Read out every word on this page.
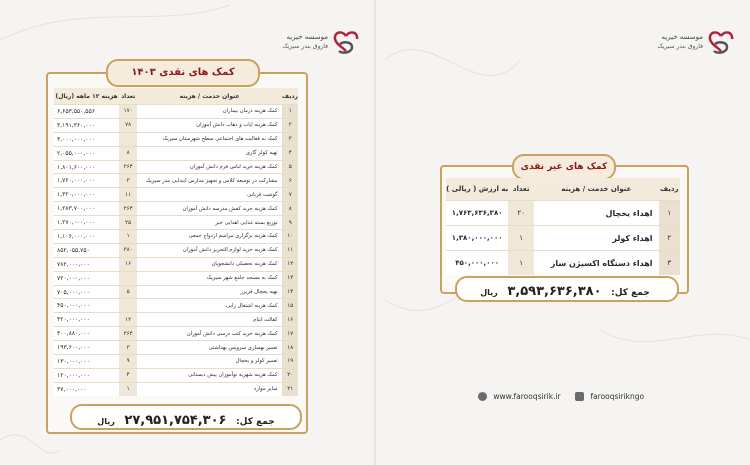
موسسه خیریه
فاروق بندر سیریک
موسسه خیریه
فاروق بندر سیریک
کمک های نقدی ۱۴۰۳
ردیف	عنوان خدمت / هزینه	تعداد	هزینه ۱۲ ماهه (ریال)
۱	کمک هزینه درمان بیماران	۱۷۰	۶,۶۵۳,۵۵۰,۵۵۶
۲	کمک هزینه ایاب و ذهاب دانش آموزان	۷۸	۳,۱۹۱,۳۶۰,۰۰۰
۳	کمک به فعالیت های اجتماعی سطح شهرستان سیریک		۳,۰۰۰,۰۰۰,۰۰۰
۴	تهیه کولر گازی	۸	۲,۰۵۵,۰۰۰,۰۰۰
۵	کمک هزینه خرید لباس فرم دانش آموزان	۲۶۴	۱,۸۰۱,۶۰۰,۰۰۰
۶	مشارکت در توسعه کلاس و تجهیز مدارس ابتدایی بندر سیریک	۳	۱,۷۶۰,۰۰۰,۰۰۰
۷	گوشت قربانی	۱۱	۱,۳۲۰,۰۰۰,۰۰۰
۸	کمک هزینه خرید کفش مدرسه دانش آموزان	۲۶۴	۱,۲۸۳,۷۰۰,۰۰۰
۹	توزیع بسته غذایی اهدایی خیر	۲۵	۱,۲۷۰,۰۰۰,۰۰۰
۱۰	کمک هزینه برگزاری مراسم ازدواج جمعی	۱	۱,۱۰۶,۰۰۰,۰۰۰
۱۱	کمک هزینه خرید لوازم التحریر دانش آموزان	۳۸۰	۸۵۲,۰۵۵,۷۵۰
۱۲	کمک هزینه تحصیلی دانشجویان	۱۶	۷۸۲,۰۰۰,۰۰۰
۱۳	کمک به مسجد جامع شهر سیریک		۷۲۰,۰۰۰,۰۰۰
۱۴	تهیه یخچال فریزر	۵	۷۰۵,۰۰۰,۰۰۰
۱۵	کمک هزینه اشتغال زایی		۴۵۰,۰۰۰,۰۰۰
۱۶	کفالت ایتام	۱۲	۴۲۰,۰۰۰,۰۰۰
۱۷	کمک هزینه خرید کتب درسی دانش آموزان	۲۶۴	۳۰۰,۸۸۰,۰۰۰
۱۸	تعمیر بهسازی سرویس بهداشتی	۳	۱۹۳,۶۰۰,۰۰۰
۱۹	تعمیر کولر و یخچال	۹	۱۳۰,۰۰۰,۰۰۰
۲۰	کمک هزینه شهریه نوآموزان پیش دبستانی	۴	۱۲۰,۰۰۰,۰۰۰
۲۱	سایر موارد	۱	۳۷,۰۰۰,۰۰۰
جمع کل: ۲۷,۹۵۱,۷۵۴,۳۰۶ ریال
کمک های غیر نقدی
ردیف	عنوان خدمت / هزینه	تعداد	به ارزش ( ریالی )
۱	اهداء یخچال	۲۰	۱,۷۶۳,۶۳۶,۳۸۰
۲	اهداء کولر	۱	۱,۳۸۰,۰۰۰,۰۰۰
۳	اهداء دستگاه اکسیژن ساز	۱	۴۵۰,۰۰۰,۰۰۰
جمع کل: ۳,۵۹۳,۶۳۶,۳۸۰ ریال
www.farooqsirik.ir	farooqsirikngo
